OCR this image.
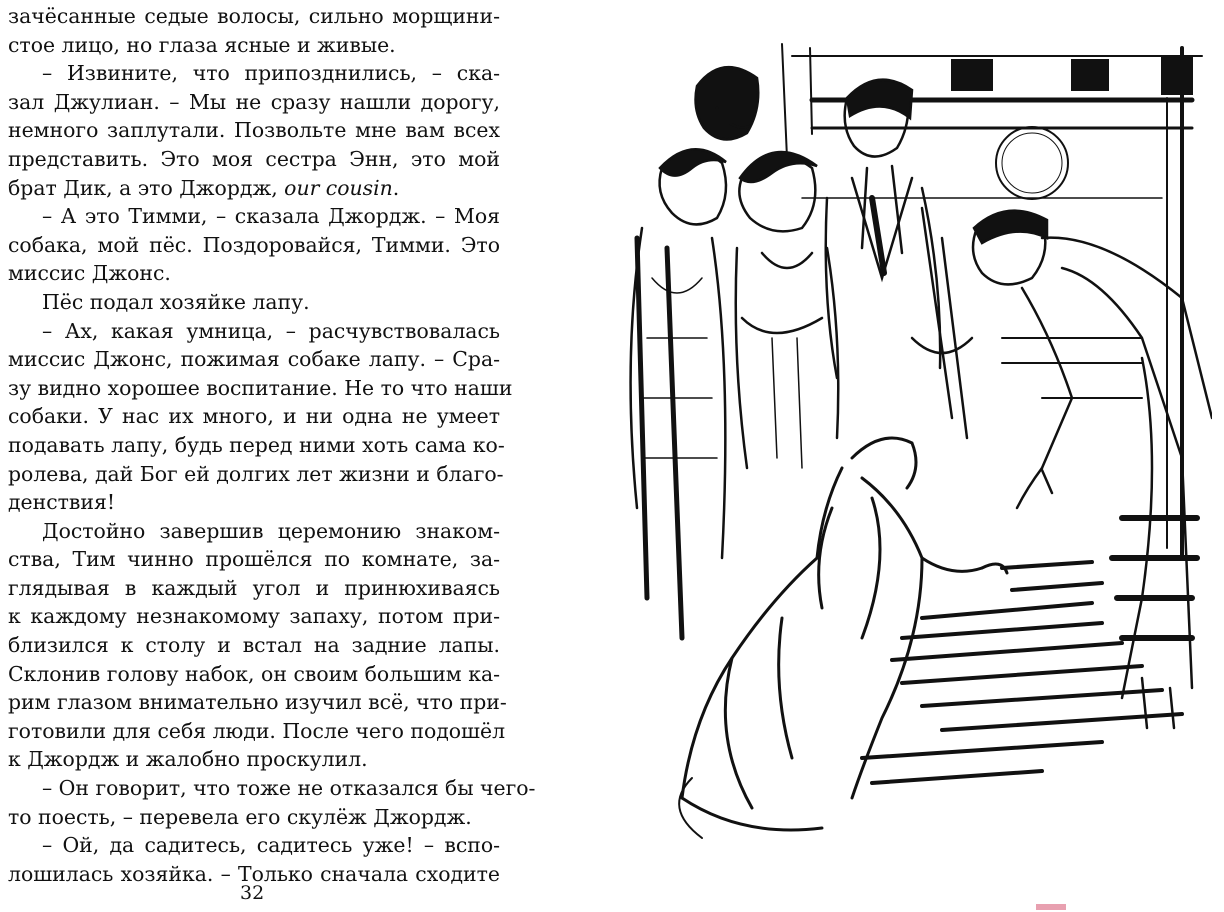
зачёсанные седые волосы, сильно морщини-
стое лицо, но глаза ясные и живые.
– Извините, что припозднились, – ска-
зал Джулиан. – Мы не сразу нашли дорогу,
немного заплутали. Позвольте мне вам всех
представить. Это моя сестра Энн, это мой
брат Дик, а это Джордж, our cousin.
– А это Тимми, – сказала Джордж. – Моя
собака, мой пёс. Поздоровайся, Тимми. Это
миссис Джонс.
Пёс подал хозяйке лапу.
– Ах, какая умница, – расчувствовалась
миссис Джонс, пожимая собаке лапу. – Сра-
зу видно хорошее воспитание. Не то что наши
собаки. У нас их много, и ни одна не умеет
подавать лапу, будь перед ними хоть сама ко-
ролева, дай Бог ей долгих лет жизни и благо-
денствия!
Достойно завершив церемонию знаком-
ства, Тим чинно прошёлся по комнате, за-
глядывая в каждый угол и принюхиваясь
к каждому незнакомому запаху, потом при-
близился к столу и встал на задние лапы.
Склонив голову набок, он своим большим ка-
рим глазом внимательно изучил всё, что при-
готовили для себя люди. После чего подошёл
к Джордж и жалобно проскулил.
– Он говорит, что тоже не отказался бы чего-
то поесть, – перевела его скулёж Джордж.
– Ой, да садитесь, садитесь уже! – вспо-
лошилась хозяйка. – Только сначала сходите
32
